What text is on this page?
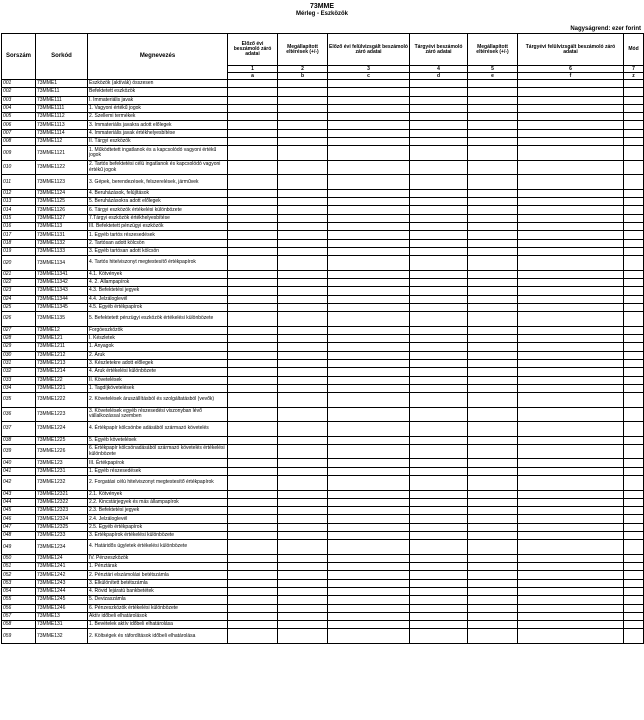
73MME
Mérleg - Eszközök
Nagyságrend: ezer forint
Sorszám	Sorkód	Megnevezés	Előző évi beszámoló záró adatai	Megállapított eltérések (+/-)	Előző évi felülvizsgált beszámoló záró adatai	Tárgyévi beszámoló záró adatai	Megállapított eltérések (+/-)	Tárgyévi felülvizsgált beszámoló záró adatai	Mód
			1	2	3	4	5	6	7
			a	b	c	d	e	f	z
001	73MME1	Eszközök (aktívák) összesen							
002	73MME11	Befektetett eszközök							
003	73MME111	I. Immateriális javak							
004	73MME1111	1. Vagyoni értékű jogok							
005	73MME1112	2. Szellemi termékek							
006	73MME1113	3. Immateriális javakra adott előlegek							
007	73MME1114	4. Immateriális javak értékhelyesbítése							
008	73MME112	II. Tárgyi eszközök							
009	73MME1121	1. Működtetett ingatlanok és a kapcsolódó vagyoni értékű jogok							
010	73MME1122	2. Tartós befektetési célú ingatlanok és kapcsolódó vagyoni értékű jogok							
011	73MME1123	3. Gépek, berendezések, felszerelések, járművek							
012	73MME1124	4. Beruházások, felújítások							
013	73MME1125	5. Beruházásokra adott előlegek							
014	73MME1126	6. Tárgyi eszközök értékelési különbözete							
015	73MME1127	7.Tárgyi eszközök értékhelyesbítése							
016	73MME113	III. Befektetett pénzügyi eszközök							
017	73MME1131	1. Egyéb tartós részesedések							
018	73MME1132	2. Tartósan adott kölcsön							
019	73MME1133	3. Egyéb tartósan adott kölcsön							
020	73MME1134	4. Tartós hitelviszonyt megtestesítő értékpapírok							
021	73MME11341	4.1. Kötvények							
022	73MME11342	4. 2. Állampapírok							
023	73MME11343	4.3. Befektetési jegyek							
024	73MME11344	4.4. Jelzáloglevél							
025	73MME11345	4.5. Egyéb értékpapírok							
026	73MME1135	5. Befektetett pénzügyi eszközök értékelési különbözete							
027	73MME12	Forgóeszközök							
028	73MME121	I. Készletek							
029	73MME1211	1. Anyagok							
030	73MME1212	2. Áruk							
031	73MME1213	3. Készletekre adott előlegek							
032	73MME1214	4. Áruk értékelési különbözete							
033	73MME122	II. Követelések							
034	73MME1221	1. Tagdíjkövetelések							
035	73MME1222	2. Követelések áruszállításból és szolgáltatásból (vevők)							
036	73MME1223	3. Követelések egyéb részesedési viszonyban lévő vállalkozással szemben							
037	73MME1224	4. Értékpapír kölcsönbe adásából származó követelés							
038	73MME1225	5. Egyéb követelések							
039	73MME1226	6. Értékpapír kölcsönadásából származó követelés értékelési különbözete							
040	73MME123	III. Értékpapírok							
041	73MME1231	1. Egyéb részesedések							
042	73MME1232	2. Forgatási célú hitelviszonyt megtestesítő értékpapírok							
043	73MME12321	2.1. Kötvények							
044	73MME12322	2.2. Kincstárjegyek és más állampapírok							
045	73MME12323	2.3. Befektetési jegyek							
046	73MME12324	2.4. Jelzáloglevél							
047	73MME12325	2.5. Egyéb értékpapírok							
048	73MME1233	3. Értékpapírok értékelési különbözete							
049	73MME1234	4. Határidős ügyletek értékelési különbözete							
050	73MME124	IV. Pénzeszközök							
051	73MME1241	1. Pénztárak							
052	73MME1242	2. Pénztári elszámolási betétszámla							
053	73MME1243	3. Elkülönített betétszámla							
054	73MME1244	4. Rövid lejáratú bankbetétek							
055	73MME1245	5. Devizaszámla							
056	73MME1246	6. Pénzeszközök értékelési különbözete							
057	73MME13	Aktív időbeli elhatárolások							
058	73MME131	1. Bevételek aktív időbeli elhatárolása							
059	73MME132	2. Költségek és ráfordítások időbeli elhatárolása							
